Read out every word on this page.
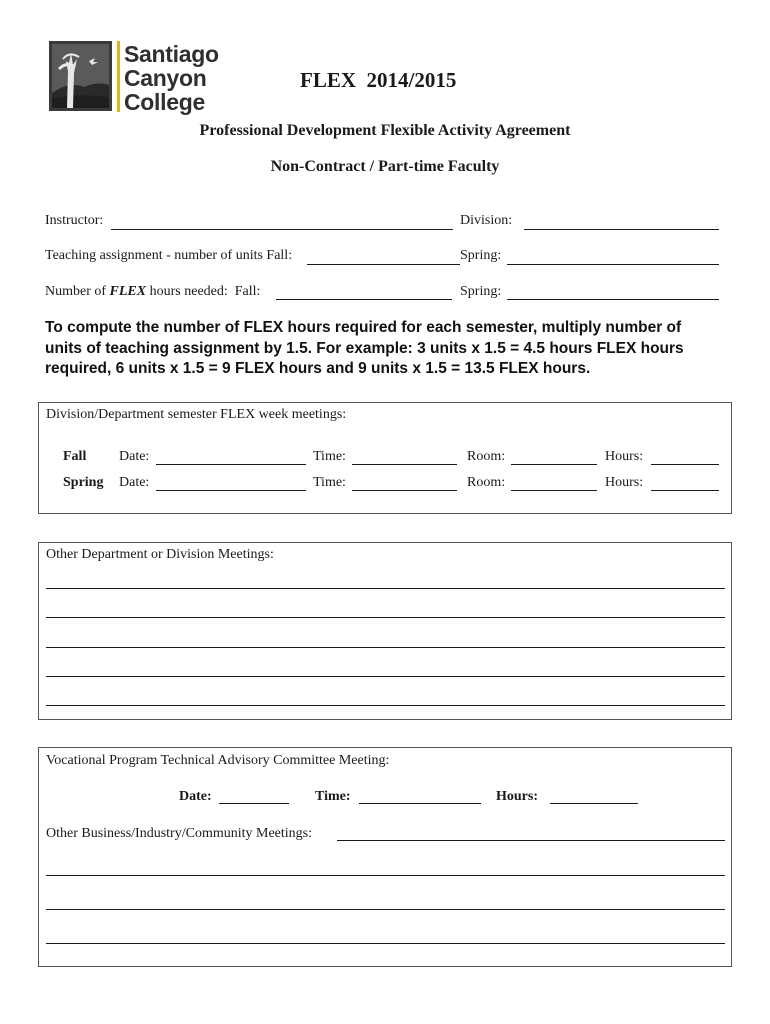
Santiago
Canyon
College
FLEX  2014/2015
Professional Development Flexible Activity Agreement
Non-Contract / Part-time Faculty
Instructor:	Division:
Teaching assignment - number of units Fall:	Spring:
Number of FLEX hours needed:  Fall:	Spring:
To compute the number of FLEX hours required for each semester, multiply number of
units of teaching assignment by 1.5. For example: 3 units x 1.5 = 4.5 hours FLEX hours
required, 6 units x 1.5 = 9 FLEX hours and 9 units x 1.5 = 13.5 FLEX hours.
Division/Department semester FLEX week meetings:
Fall Date:	Time:	Room:	Hours:
Spring Date:	Time:	Room:	Hours:
Other Department or Division Meetings:
Vocational Program Technical Advisory Committee Meeting:
Date:	Time:	Hours:
Other Business/Industry/Community Meetings:
